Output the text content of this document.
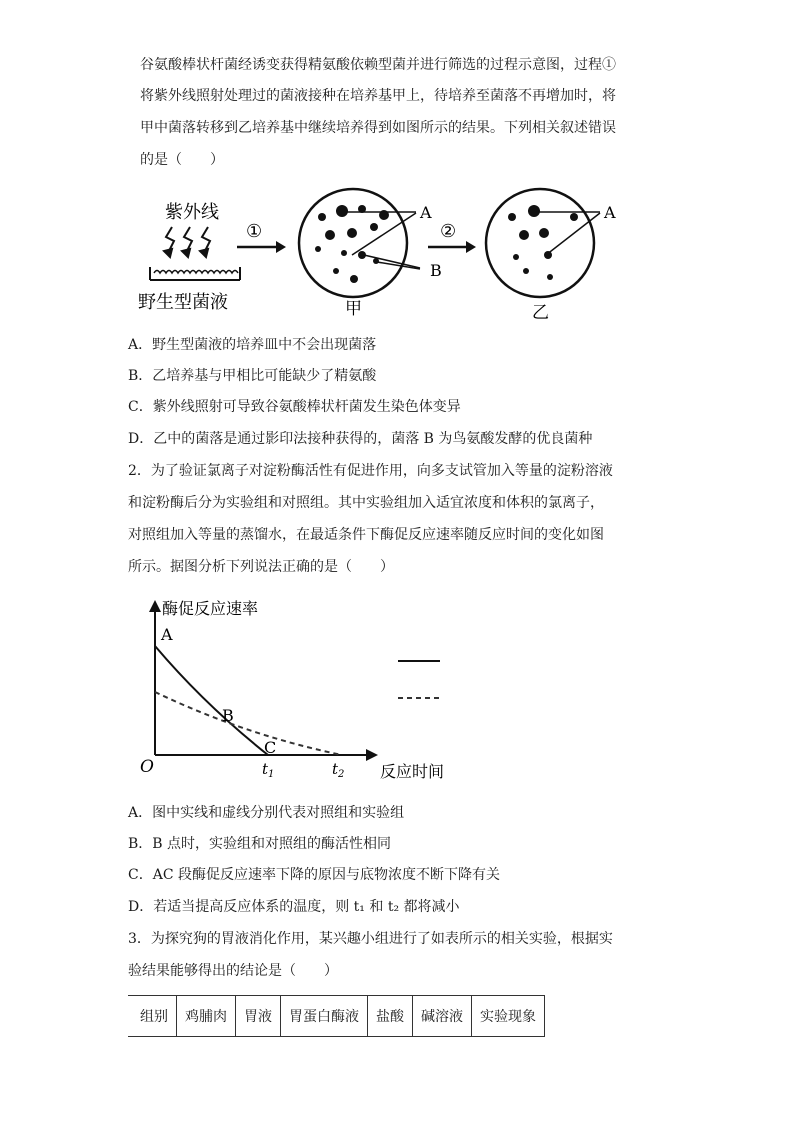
谷氨酸棒状杆菌经诱变获得精氨酸依赖型菌并进行筛选的过程示意图，过程①
将紫外线照射处理过的菌液接种在培养基甲上，待培养至菌落不再增加时，将
甲中菌落转移到乙培养基中继续培养得到如图所示的结果。下列相关叙述错误
的是（　　）
紫外线
野生型菌液
①
A
B
甲
②
A
乙
A．野生型菌液的培养皿中不会出现菌落
B．乙培养基与甲相比可能缺少了精氨酸
C．紫外线照射可导致谷氨酸棒状杆菌发生染色体变异
D．乙中的菌落是通过影印法接种获得的，菌落 B 为鸟氨酸发酵的优良菌种
2．为了验证氯离子对淀粉酶活性有促进作用，向多支试管加入等量的淀粉溶液
和淀粉酶后分为实验组和对照组。其中实验组加入适宜浓度和体积的氯离子，
对照组加入等量的蒸馏水，在最适条件下酶促反应速率随反应时间的变化如图
所示。据图分析下列说法正确的是（　　）
酶促反应速率
反应时间
O
A
B
C
$t_1$	$t_2$
A．图中实线和虚线分别代表对照组和实验组
B．B 点时，实验组和对照组的酶活性相同
C．AC 段酶促反应速率下降的原因与底物浓度不断下降有关
D．若适当提高反应体系的温度，则 t₁ 和 t₂ 都将减小
3．为探究狗的胃液消化作用，某兴趣小组进行了如表所示的相关实验，根据实
验结果能够得出的结论是（　　）
组别	鸡脯肉	胃液	胃蛋白酶液	盐酸	碱溶液	实验现象
